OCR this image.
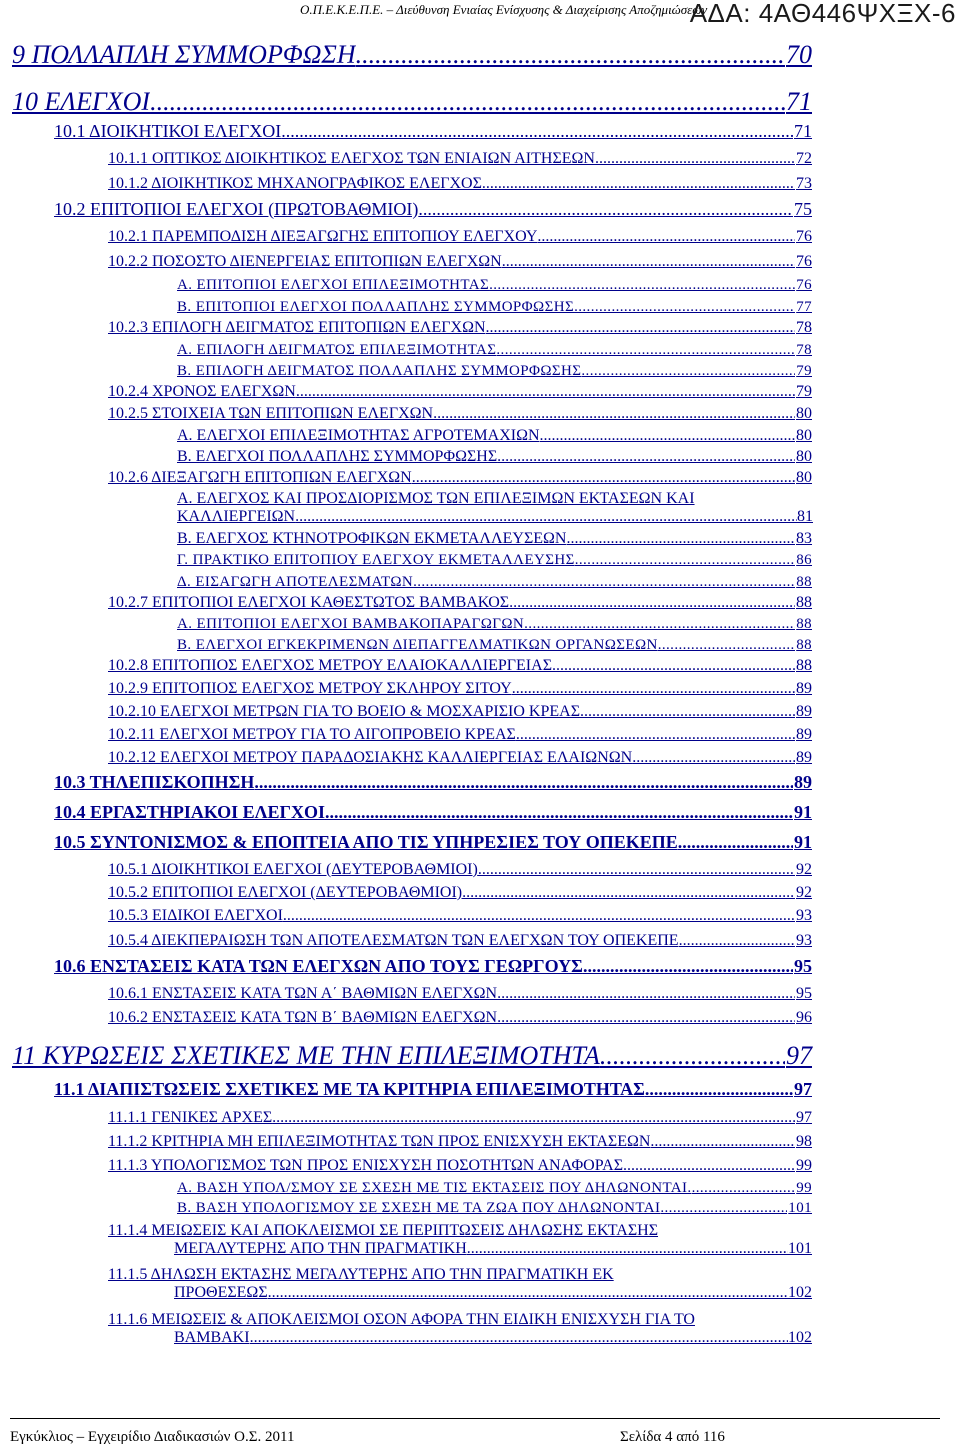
Ο.Π.Ε.Κ.Ε.Π.Ε. – Διεύθυνση Ενιαίας Ενίσχυσης & Διαχείρισης Αποζημιώσεων
ΑΔΑ: 4ΑΘ446ΨΧΞΧ-6
9 ΠΟΛΛΑΠΛΗ ΣΥΜΜΟΡΦΩΣΗ .....	70
10 ΕΛΕΓΧΟΙ .....	71
10.1 ΔΙΟΙΚΗΤΙΚΟΙ ΕΛΕΓΧΟΙ .....	71
10.1.1 ΟΠΤΙΚΟΣ ΔΙΟΙΚΗΤΙΚΟΣ ΕΛΕΓΧΟΣ ΤΩΝ ΕΝΙΑΙΩΝ ΑΙΤΗΣΕΩΝ .....	72
10.1.2 ΔΙΟΙΚΗΤΙΚΟΣ ΜΗΧΑΝΟΓΡΑΦΙΚΟΣ ΕΛΕΓΧΟΣ .....	73
10.2 ΕΠΙΤΟΠΙΟΙ ΕΛΕΓΧΟΙ (ΠΡΩΤΟΒΑΘΜΙΟΙ) .....	75
10.2.1 ΠΑΡΕΜΠΟΔΙΣΗ ΔΙΕΞΑΓΩΓΗΣ ΕΠΙΤΟΠΙΟΥ ΕΛΕΓΧΟΥ .....	76
10.2.2 ΠΟΣΟΣΤΟ ΔΙΕΝΕΡΓΕΙΑΣ ΕΠΙΤΟΠΙΩΝ ΕΛΕΓΧΩΝ .....	76
Α. ΕΠΙΤΟΠΙΟΙ ΕΛΕΓΧΟΙ ΕΠΙΛΕΞΙΜΟΤΗΤΑΣ .....	76
Β. ΕΠΙΤΟΠΙΟΙ ΕΛΕΓΧΟΙ ΠΟΛΛΑΠΛΗΣ ΣΥΜΜΟΡΦΩΣΗΣ .....	77
10.2.3 ΕΠΙΛΟΓΗ ΔΕΙΓΜΑΤΟΣ ΕΠΙΤΟΠΙΩΝ ΕΛΕΓΧΩΝ .....	78
Α. ΕΠΙΛΟΓΗ ΔΕΙΓΜΑΤΟΣ ΕΠΙΛΕΞΙΜΟΤΗΤΑΣ .....	78
Β. ΕΠΙΛΟΓΗ ΔΕΙΓΜΑΤΟΣ ΠΟΛΛΑΠΛΗΣ ΣΥΜΜΟΡΦΩΣΗΣ .....	79
10.2.4 ΧΡΟΝΟΣ ΕΛΕΓΧΩΝ .....	79
10.2.5 ΣΤΟΙΧΕΙΑ ΤΩΝ ΕΠΙΤΟΠΙΩΝ ΕΛΕΓΧΩΝ .....	80
Α. ΕΛΕΓΧΟΙ ΕΠΙΛΕΞΙΜΟΤΗΤΑΣ ΑΓΡΟΤΕΜΑΧΙΩΝ .....	80
Β. ΕΛΕΓΧΟΙ ΠΟΛΛΑΠΛΗΣ ΣΥΜΜΟΡΦΩΣΗΣ .....	80
10.2.6 ΔΙΕΞΑΓΩΓΗ ΕΠΙΤΟΠΙΩΝ ΕΛΕΓΧΩΝ .....	80
Α. ΕΛΕΓΧΟΣ ΚΑΙ ΠΡΟΣΔΙΟΡΙΣΜΟΣ ΤΩΝ ΕΠΙΛΕΞΙΜΩΝ ΕΚΤΑΣΕΩΝ ΚΑΙ
ΚΑΛΛΙΕΡΓΕΙΩΝ .....	81
Β. ΕΛΕΓΧΟΣ ΚΤΗΝΟΤΡΟΦΙΚΩΝ ΕΚΜΕΤΑΛΛΕΥΣΕΩΝ .....	83
Γ. ΠΡΑΚΤΙΚΟ ΕΠΙΤΟΠΙΟΥ ΕΛΕΓΧΟΥ ΕΚΜΕΤΑΛΛΕΥΣΗΣ .....	86
Δ. ΕΙΣΑΓΩΓΗ ΑΠΟΤΕΛΕΣΜΑΤΩΝ .....	88
10.2.7 ΕΠΙΤΟΠΙΟΙ ΕΛΕΓΧΟΙ ΚΑΘΕΣΤΩΤΟΣ ΒΑΜΒΑΚΟΣ .....	88
Α. ΕΠΙΤΟΠΙΟΙ ΕΛΕΓΧΟΙ ΒΑΜΒΑΚΟΠΑΡΑΓΩΓΩΝ .....	88
Β. ΕΛΕΓΧΟΙ ΕΓΚΕΚΡΙΜΕΝΩΝ ΔΙΕΠΑΓΓΕΛΜΑΤΙΚΩΝ ΟΡΓΑΝΩΣΕΩΝ .....	88
10.2.8 ΕΠΙΤΟΠΙΟΣ ΕΛΕΓΧΟΣ ΜΕΤΡΟΥ ΕΛΑΙΟΚΑΛΛΙΕΡΓΕΙΑΣ .....	88
10.2.9 ΕΠΙΤΟΠΙΟΣ ΕΛΕΓΧΟΣ ΜΕΤΡΟΥ ΣΚΛΗΡΟΥ ΣΙΤΟΥ .....	89
10.2.10 ΕΛΕΓΧΟΙ ΜΕΤΡΩΝ ΓΙΑ ΤΟ ΒΟΕΙΟ & ΜΟΣΧΑΡΙΣΙΟ ΚΡΕΑΣ .....	89
10.2.11 ΕΛΕΓΧΟΙ ΜΕΤΡΟΥ ΓΙΑ ΤΟ ΑΙΓΟΠΡΟΒΕΙΟ ΚΡΕΑΣ .....	89
10.2.12 ΕΛΕΓΧΟΙ ΜΕΤΡΟΥ ΠΑΡΑΔΟΣΙΑΚΗΣ ΚΑΛΛΙΕΡΓΕΙΑΣ ΕΛΑΙΩΝΩΝ .....	89
10.3 ΤΗΛΕΠΙΣΚΟΠΗΣΗ .....	89
10.4 ΕΡΓΑΣΤΗΡΙΑΚΟΙ ΕΛΕΓΧΟΙ .....	91
10.5 ΣΥΝΤΟΝΙΣΜΟΣ & ΕΠΟΠΤΕΙΑ ΑΠΟ ΤΙΣ ΥΠΗΡΕΣΙΕΣ ΤΟΥ ΟΠΕΚΕΠΕ .....	91
10.5.1 ΔΙΟΙΚΗΤΙΚΟΙ ΕΛΕΓΧΟΙ (ΔΕΥΤΕΡΟΒΑΘΜΙΟΙ) .....	92
10.5.2 ΕΠΙΤΟΠΙΟΙ ΕΛΕΓΧΟΙ (ΔΕΥΤΕΡΟΒΑΘΜΙΟΙ) .....	92
10.5.3 ΕΙΔΙΚΟΙ ΕΛΕΓΧΟΙ .....	93
10.5.4 ΔΙΕΚΠΕΡΑΙΩΣΗ ΤΩΝ ΑΠΟΤΕΛΕΣΜΑΤΩΝ ΤΩΝ ΕΛΕΓΧΩΝ ΤΟΥ ΟΠΕΚΕΠΕ .....	93
10.6 ΕΝΣΤΑΣΕΙΣ ΚΑΤΑ ΤΩΝ ΕΛΕΓΧΩΝ ΑΠΟ ΤΟΥΣ ΓΕΩΡΓΟΥΣ .....	95
10.6.1 ΕΝΣΤΑΣΕΙΣ ΚΑΤΑ ΤΩΝ Α΄ ΒΑΘΜΙΩΝ ΕΛΕΓΧΩΝ .....	95
10.6.2 ΕΝΣΤΑΣΕΙΣ ΚΑΤΑ ΤΩΝ Β΄ ΒΑΘΜΙΩΝ ΕΛΕΓΧΩΝ .....	96
11 ΚΥΡΩΣΕΙΣ ΣΧΕΤΙΚΕΣ ΜΕ ΤΗΝ ΕΠΙΛΕΞΙΜΟΤΗΤΑ .....	97
11.1 ΔΙΑΠΙΣΤΩΣΕΙΣ ΣΧΕΤΙΚΕΣ ΜΕ ΤΑ ΚΡΙΤΗΡΙΑ ΕΠΙΛΕΞΙΜΟΤΗΤΑΣ .....	97
11.1.1 ΓΕΝΙΚΕΣ ΑΡΧΕΣ .....	97
11.1.2 ΚΡΙΤΗΡΙΑ ΜΗ ΕΠΙΛΕΞΙΜΟΤΗΤΑΣ ΤΩΝ ΠΡΟΣ ΕΝΙΣΧΥΣΗ ΕΚΤΑΣΕΩΝ .....	98
11.1.3 ΥΠΟΛΟΓΙΣΜΟΣ ΤΩΝ ΠΡΟΣ ΕΝΙΣΧΥΣΗ ΠΟΣΟΤΗΤΩΝ ΑΝΑΦΟΡΑΣ .....	99
Α. ΒΑΣΗ ΥΠΟΛ/ΣΜΟΥ ΣΕ ΣΧΕΣΗ ΜΕ ΤΙΣ ΕΚΤΑΣΕΙΣ ΠΟΥ ΔΗΛΩΝΟΝΤΑΙ. .....	99
Β. ΒΑΣΗ ΥΠΟΛΟΓΙΣΜΟΥ ΣΕ ΣΧΕΣΗ ΜΕ ΤΑ ΖΩΑ ΠΟΥ ΔΗΛΩΝΟΝΤΑΙ .....	101
11.1.4 ΜΕΙΩΣΕΙΣ ΚΑΙ ΑΠΟΚΛΕΙΣΜΟΙ ΣΕ ΠΕΡΙΠΤΩΣΕΙΣ ΔΗΛΩΣΗΣ ΕΚΤΑΣΗΣ
ΜΕΓΑΛΥΤΕΡΗΣ ΑΠΟ ΤΗΝ ΠΡΑΓΜΑΤΙΚΗ .....	101
11.1.5 ΔΗΛΩΣΗ ΕΚΤΑΣΗΣ ΜΕΓΑΛΥΤΕΡΗΣ ΑΠΟ ΤΗΝ ΠΡΑΓΜΑΤΙΚΗ ΕΚ
ΠΡΟΘΕΣΕΩΣ .....	102
11.1.6 ΜΕΙΩΣΕΙΣ & ΑΠΟΚΛΕΙΣΜΟΙ ΟΣΟΝ ΑΦΟΡΑ ΤΗΝ ΕΙΔΙΚΗ ΕΝΙΣΧΥΣΗ ΓΙΑ ΤΟ
ΒΑΜΒΑΚΙ .....	102
Εγκύκλιος – Εγχειρίδιο Διαδικασιών Ο.Σ. 2011	Σελίδα 4 από 116
